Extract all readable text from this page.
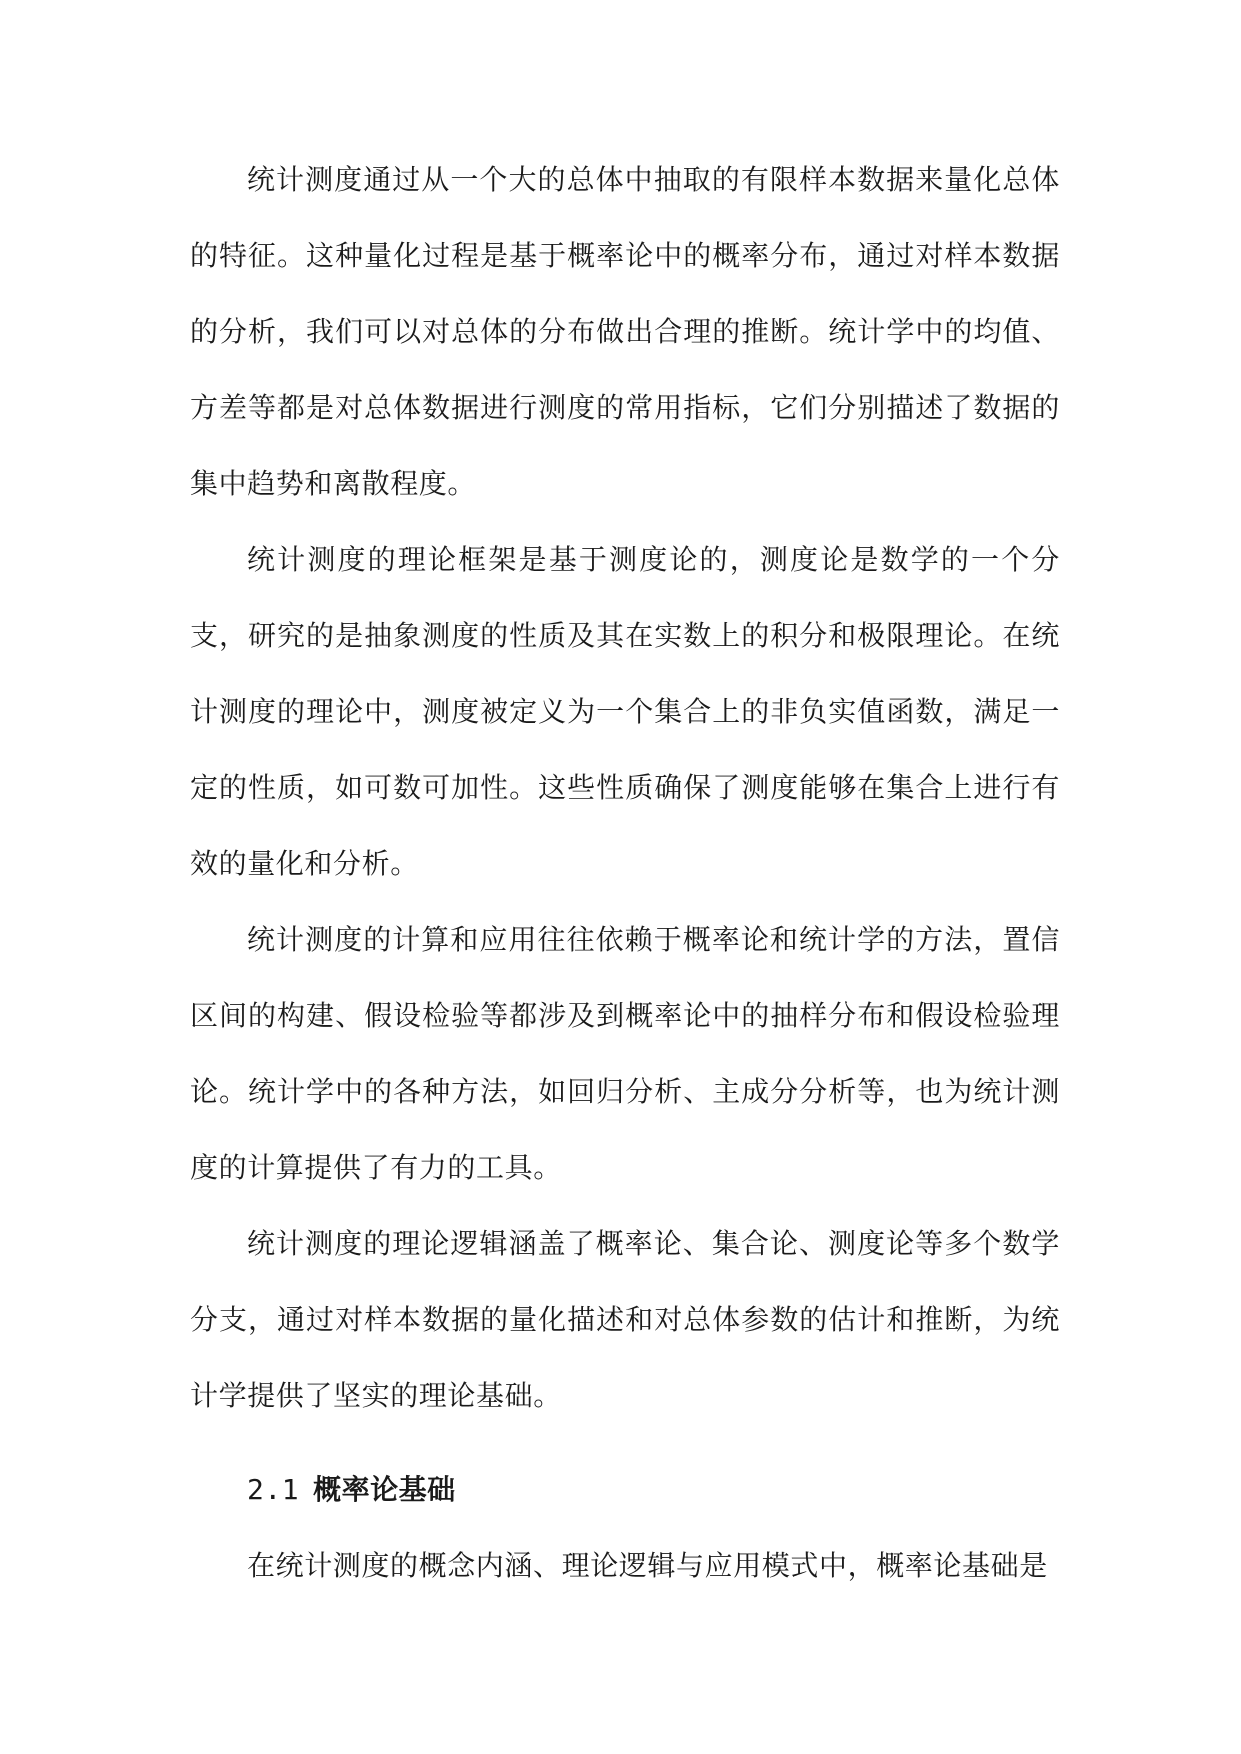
统计测度通过从一个大的总体中抽取的有限样本数据来量化总体的特征。这种量化过程是基于概率论中的概率分布，通过对样本数据的分析，我们可以对总体的分布做出合理的推断。统计学中的均值、方差等都是对总体数据进行测度的常用指标，它们分别描述了数据的集中趋势和离散程度。

统计测度的理论框架是基于测度论的，测度论是数学的一个分支，研究的是抽象测度的性质及其在实数上的积分和极限理论。在统计测度的理论中，测度被定义为一个集合上的非负实值函数，满足一定的性质，如可数可加性。这些性质确保了测度能够在集合上进行有效的量化和分析。

统计测度的计算和应用往往依赖于概率论和统计学的方法，置信区间的构建、假设检验等都涉及到概率论中的抽样分布和假设检验理论。统计学中的各种方法，如回归分析、主成分分析等，也为统计测度的计算提供了有力的工具。

统计测度的理论逻辑涵盖了概率论、集合论、测度论等多个数学分支，通过对样本数据的量化描述和对总体参数的估计和推断，为统计学提供了坚实的理论基础。

2.1 概率论基础

在统计测度的概念内涵、理论逻辑与应用模式中，概率论基础是
